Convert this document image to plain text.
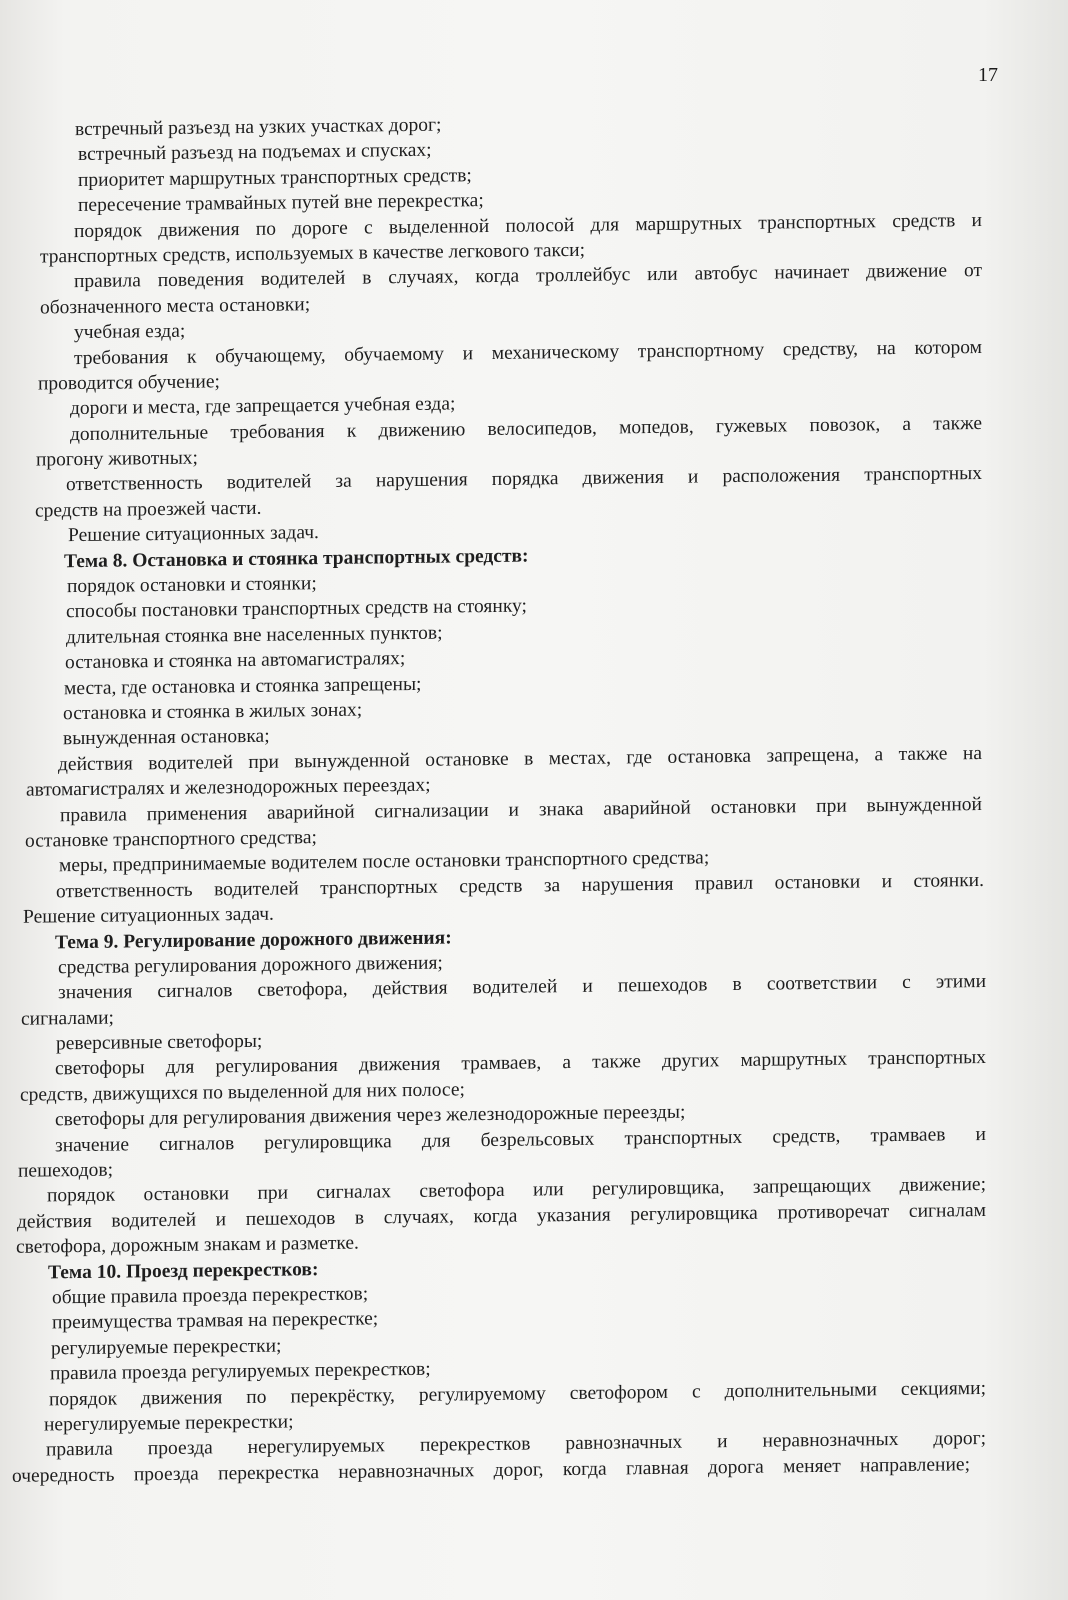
17
встречный разъезд на узких участках дорог;
встречный разъезд на подъемах и спусках;
приоритет маршрутных транспортных средств;
пересечение трамвайных путей вне перекрестка;
порядок движения по дороге с выделенной полосой для маршрутных транспортных средств и
транспортных средств, используемых в качестве легкового такси;
правила поведения водителей в случаях, когда троллейбус или автобус начинает движение от
обозначенного места остановки;
учебная езда;
требования к обучающему, обучаемому и механическому транспортному средству, на котором
проводится обучение;
дороги и места, где запрещается учебная езда;
дополнительные требования к движению велосипедов, мопедов, гужевых повозок, а также
прогону животных;
ответственность водителей за нарушения порядка движения и расположения транспортных
средств на проезжей части.
Решение ситуационных задач.
Тема 8. Остановка и стоянка транспортных средств:
порядок остановки и стоянки;
способы постановки транспортных средств на стоянку;
длительная стоянка вне населенных пунктов;
остановка и стоянка на автомагистралях;
места, где остановка и стоянка запрещены;
остановка и стоянка в жилых зонах;
вынужденная остановка;
действия водителей при вынужденной остановке в местах, где остановка запрещена, а также на
автомагистралях и железнодорожных переездах;
правила применения аварийной сигнализации и знака аварийной остановки при вынужденной
остановке транспортного средства;
меры, предпринимаемые водителем после остановки транспортного средства;
ответственность водителей транспортных средств за нарушения правил остановки и стоянки.
Решение ситуационных задач.
Тема 9. Регулирование дорожного движения:
средства регулирования дорожного движения;
значения сигналов светофора, действия водителей и пешеходов в соответствии с этими
сигналами;
реверсивные светофоры;
светофоры для регулирования движения трамваев, а также других маршрутных транспортных
средств, движущихся по выделенной для них полосе;
светофоры для регулирования движения через железнодорожные переезды;
значение сигналов регулировщика для безрельсовых транспортных средств, трамваев и
пешеходов;
порядок остановки при сигналах светофора или регулировщика, запрещающих движение;
действия водителей и пешеходов в случаях, когда указания регулировщика противоречат сигналам
светофора, дорожным знакам и разметке.
Тема 10. Проезд перекрестков:
общие правила проезда перекрестков;
преимущества трамвая на перекрестке;
регулируемые перекрестки;
правила проезда регулируемых перекрестков;
порядок движения по перекрёстку, регулируемому светофором с дополнительными секциями;
нерегулируемые перекрестки;
правила проезда нерегулируемых перекрестков равнозначных и неравнозначных дорог;
очередность проезда перекрестка неравнозначных дорог, когда главная дорога меняет направление;
